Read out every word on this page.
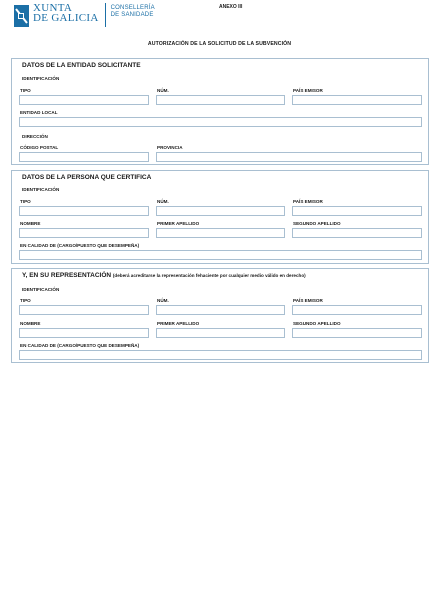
XUNTA
DE GALICIA
CONSELLERÍA
DE SANIDADE
ANEXO III
AUTORIZACIÓN DE LA SOLICITUD DE LA SUBVENCIÓN
DATOS DE LA ENTIDAD SOLICITANTE
IDENTIFICACIÓN
TIPO	NÚM.	PAÍS EMISOR
ENTIDAD LOCAL
DIRECCIÓN
CÓDIGO POSTAL	PROVINCIA
DATOS DE LA PERSONA QUE CERTIFICA
IDENTIFICACIÓN
TIPO	NÚM.	PAÍS EMISOR
NOMBRE	PRIMER APELLIDO	SEGUNDO APELLIDO
EN CALIDAD DE (CARGO/PUESTO QUE DESEMPEÑA)
Y, EN SU REPRESENTACIÓN (deberá acreditarse la representación fehaciente por cualquier medio válido en derecho)
IDENTIFICACIÓN
TIPO	NÚM.	PAÍS EMISOR
NOMBRE	PRIMER APELLIDO	SEGUNDO APELLIDO
EN CALIDAD DE (CARGO/PUESTO QUE DESEMPEÑA)
